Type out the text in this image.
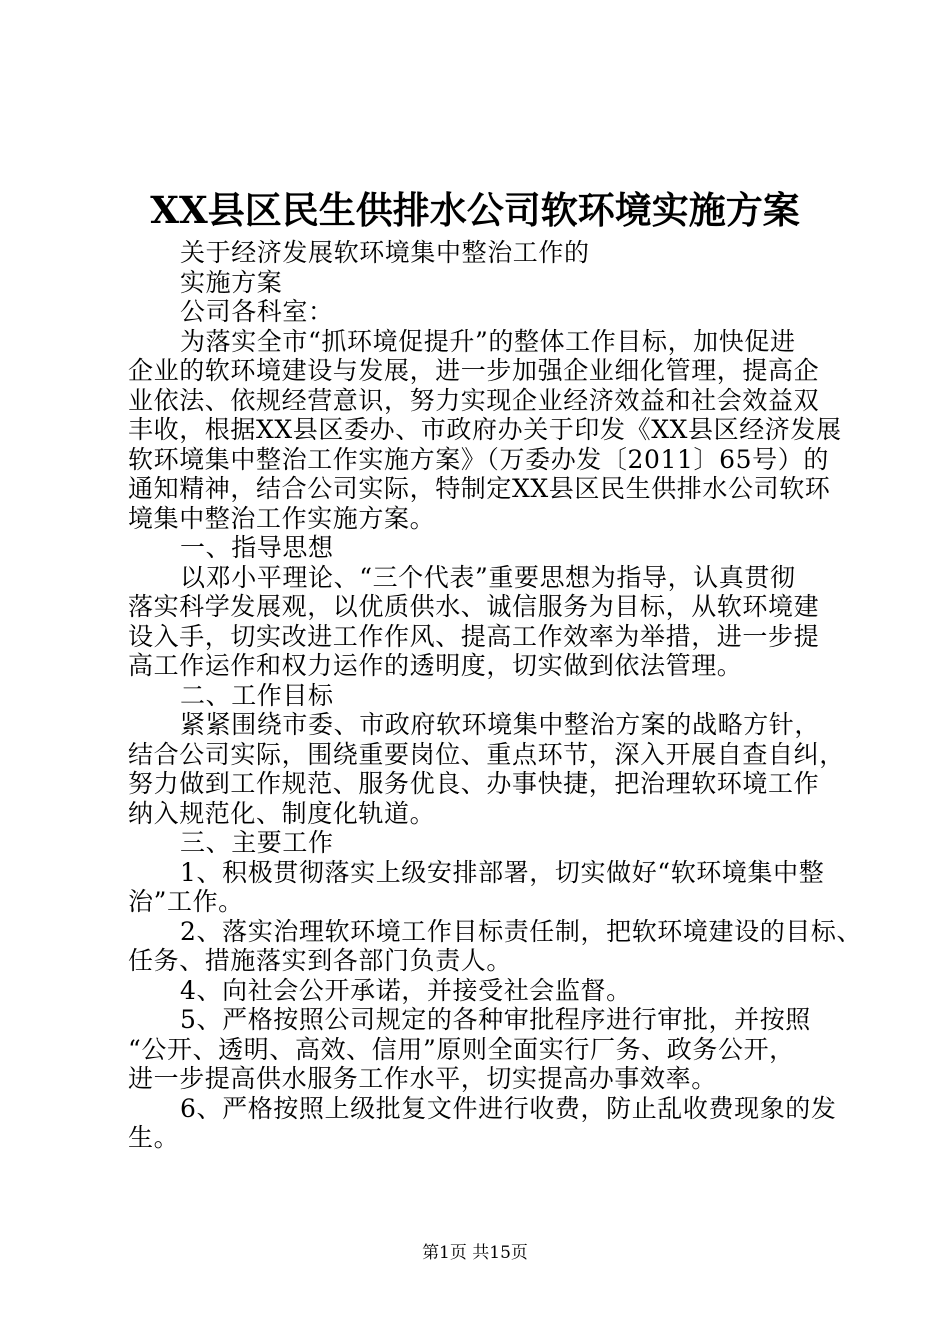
XX县区民生供排水公司软环境实施方案
关于经济发展软环境集中整治工作的
实施方案
公司各科室：
为落实全市“抓环境促提升”的整体工作目标，加快促进
企业的软环境建设与发展，进一步加强企业细化管理，提高企
业依法、依规经营意识，努力实现企业经济效益和社会效益双
丰收，根据XX县区委办、市政府办关于印发《XX县区经济发展
软环境集中整治工作实施方案》（万委办发〔2011〕65号）的
通知精神，结合公司实际，特制定XX县区民生供排水公司软环
境集中整治工作实施方案。
一、指导思想
以邓小平理论、“三个代表”重要思想为指导，认真贯彻
落实科学发展观，以优质供水、诚信服务为目标，从软环境建
设入手，切实改进工作作风、提高工作效率为举措，进一步提
高工作运作和权力运作的透明度，切实做到依法管理。
二、工作目标
紧紧围绕市委、市政府软环境集中整治方案的战略方针，
结合公司实际，围绕重要岗位、重点环节，深入开展自查自纠，
努力做到工作规范、服务优良、办事快捷，把治理软环境工作
纳入规范化、制度化轨道。
三、主要工作
1、积极贯彻落实上级安排部署，切实做好“软环境集中整
治”工作。
2、落实治理软环境工作目标责任制，把软环境建设的目标、
任务、措施落实到各部门负责人。
4、向社会公开承诺，并接受社会监督。
5、严格按照公司规定的各种审批程序进行审批，并按照
“公开、透明、高效、信用”原则全面实行厂务、政务公开，
进一步提高供水服务工作水平，切实提高办事效率。
6、严格按照上级批复文件进行收费，防止乱收费现象的发
生。
第1页 共15页
